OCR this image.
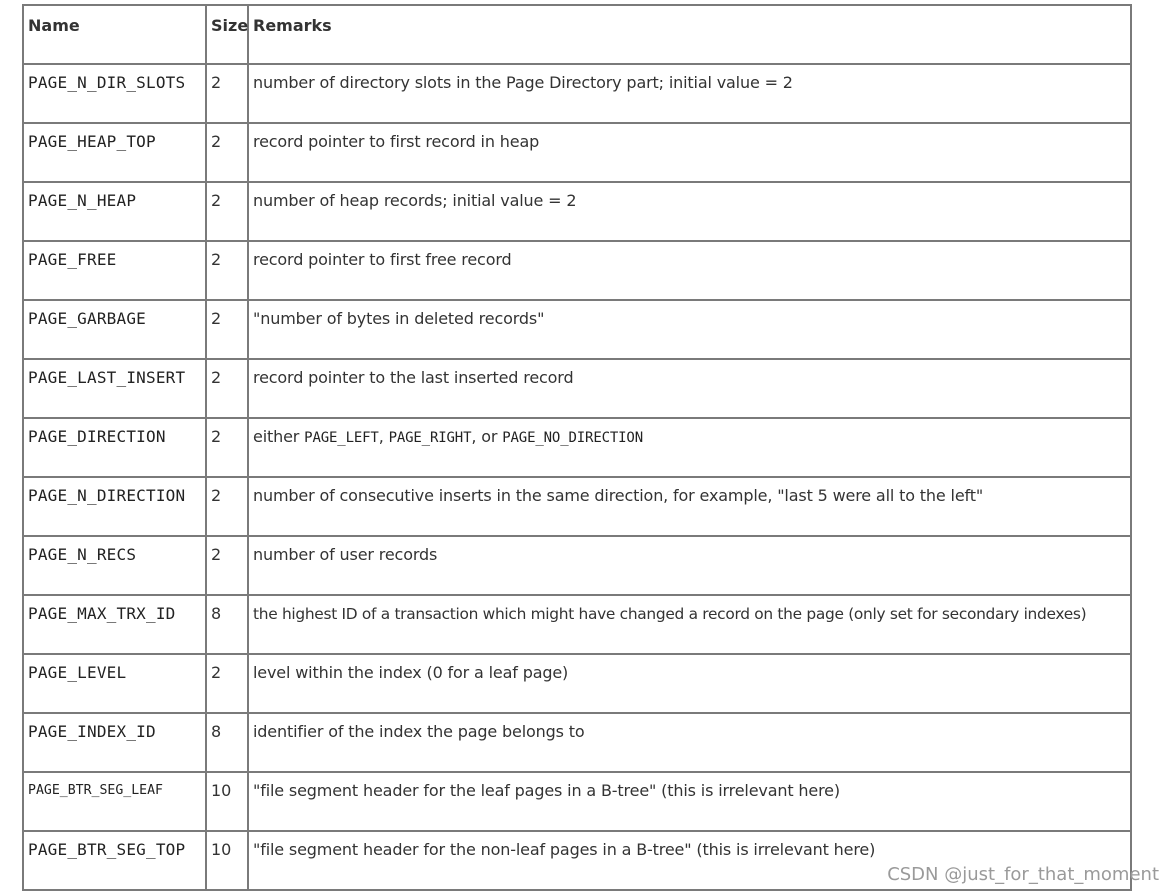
Name	Size	Remarks
PAGE_N_DIR_SLOTS	2	number of directory slots in the Page Directory part; initial value = 2
PAGE_HEAP_TOP	2	record pointer to first record in heap
PAGE_N_HEAP	2	number of heap records; initial value = 2
PAGE_FREE	2	record pointer to first free record
PAGE_GARBAGE	2	"number of bytes in deleted records"
PAGE_LAST_INSERT	2	record pointer to the last inserted record
PAGE_DIRECTION	2	either PAGE_LEFT, PAGE_RIGHT, or PAGE_NO_DIRECTION
PAGE_N_DIRECTION	2	number of consecutive inserts in the same direction, for example, "last 5 were all to the left"
PAGE_N_RECS	2	number of user records
PAGE_MAX_TRX_ID	8	the highest ID of a transaction which might have changed a record on the page (only set for secondary indexes)
PAGE_LEVEL	2	level within the index (0 for a leaf page)
PAGE_INDEX_ID	8	identifier of the index the page belongs to
PAGE_BTR_SEG_LEAF	10	"file segment header for the leaf pages in a B-tree" (this is irrelevant here)
PAGE_BTR_SEG_TOP	10	"file segment header for the non-leaf pages in a B-tree" (this is irrelevant here)
CSDN @just_for_that_moment
